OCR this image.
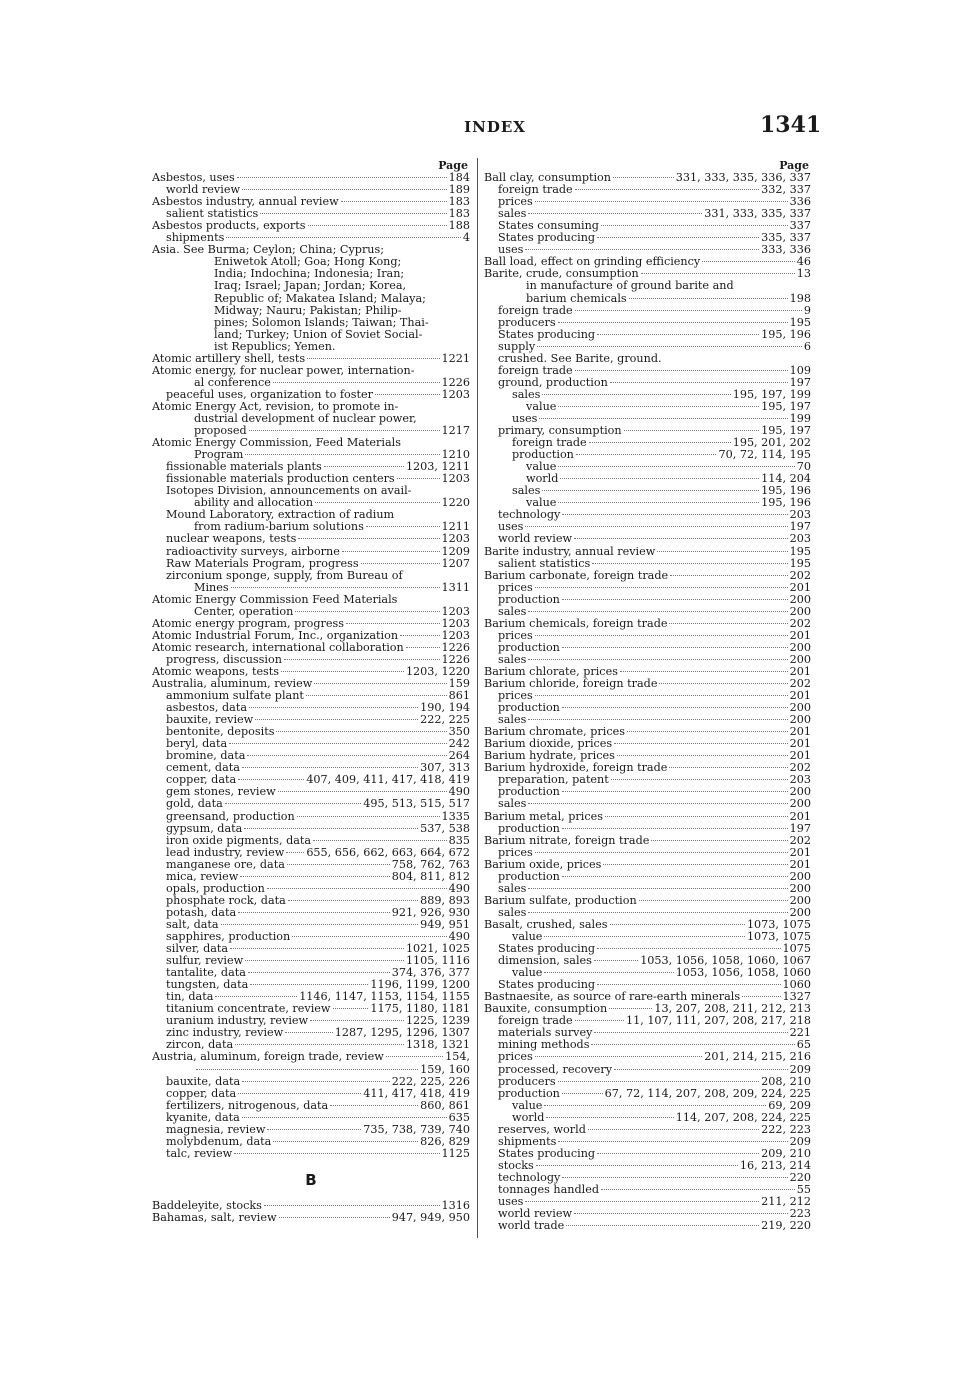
INDEX	1341
Page
Asbestos, uses	184
world review	189
Asbestos industry, annual review	183
salient statistics	183
Asbestos products, exports	188
shipments	4
Asia. See Burma; Ceylon; China; Cyprus;
Eniwetok Atoll; Goa; Hong Kong;
India; Indochina; Indonesia; Iran;
Iraq; Israel; Japan; Jordan; Korea,
Republic of; Makatea Island; Malaya;
Midway; Nauru; Pakistan; Philip-
pines; Solomon Islands; Taiwan; Thai-
land; Turkey; Union of Soviet Social-
ist Republics; Yemen.
Atomic artillery shell, tests	1221
Atomic energy, for nuclear power, internation-
al conference	1226
peaceful uses, organization to foster	1203
Atomic Energy Act, revision, to promote in-
dustrial development of nuclear power,
proposed	1217
Atomic Energy Commission, Feed Materials
Program	1210
fissionable materials plants	1203, 1211
fissionable materials production centers	1203
Isotopes Division, announcements on avail-
ability and allocation	1220
Mound Laboratory, extraction of radium
from radium-barium solutions	1211
nuclear weapons, tests	1203
radioactivity surveys, airborne	1209
Raw Materials Program, progress	1207
zirconium sponge, supply, from Bureau of
Mines	1311
Atomic Energy Commission Feed Materials
Center, operation	1203
Atomic energy program, progress	1203
Atomic Industrial Forum, Inc., organization	1203
Atomic research, international collaboration	1226
progress, discussion	1226
Atomic weapons, tests	1203, 1220
Australia, aluminum, review	159
ammonium sulfate plant	861
asbestos, data	190, 194
bauxite, review	222, 225
bentonite, deposits	350
beryl, data	242
bromine, data	264
cement, data	307, 313
copper, data	407, 409, 411, 417, 418, 419
gem stones, review	490
gold, data	495, 513, 515, 517
greensand, production	1335
gypsum, data	537, 538
iron oxide pigments, data	835
lead industry, review 655, 656, 662, 663, 664, 672
manganese ore, data	758, 762, 763
mica, review	804, 811, 812
opals, production	490
phosphate rock, data	889, 893
potash, data	921, 926, 930
salt, data	949, 951
sapphires, production	490
silver, data	1021, 1025
sulfur, review	1105, 1116
tantalite, data	374, 376, 377
tungsten, data	1196, 1199, 1200
tin, data	1146, 1147, 1153, 1154, 1155
titanium concentrate, review	1175, 1180, 1181
uranium industry, review	1225, 1239
zinc industry, review	1287, 1295, 1296, 1307
zircon, data	1318, 1321
Austria, aluminum, foreign trade, review	154,
159, 160
bauxite, data	222, 225, 226
copper, data	411, 417, 418, 419
fertilizers, nitrogenous, data	860, 861
kyanite, data	635
magnesia, review	735, 738, 739, 740
molybdenum, data	826, 829
talc, review	1125
B
Baddeleyite, stocks	1316
Bahamas, salt, review	947, 949, 950
Page
Ball clay, consumption	331, 333, 335, 336, 337
foreign trade	332, 337
prices	336
sales	331, 333, 335, 337
States consuming	337
States producing	335, 337
uses	333, 336
Ball load, effect on grinding efficiency	46
Barite, crude, consumption	13
in manufacture of ground barite and
barium chemicals	198
foreign trade	9
producers	195
States producing	195, 196
supply	6
crushed. See Barite, ground.
foreign trade	109
ground, production	197
sales	195, 197, 199
value	195, 197
uses	199
primary, consumption	195, 197
foreign trade	195, 201, 202
production	70, 72, 114, 195
value	70
world	114, 204
sales	195, 196
value	195, 196
technology	203
uses	197
world review	203
Barite industry, annual review	195
salient statistics	195
Barium carbonate, foreign trade	202
prices	201
production	200
sales	200
Barium chemicals, foreign trade	202
prices	201
production	200
sales	200
Barium chlorate, prices	201
Barium chloride, foreign trade	202
prices	201
production	200
sales	200
Barium chromate, prices	201
Barium dioxide, prices	201
Barium hydrate, prices	201
Barium hydroxide, foreign trade	202
preparation, patent	203
production	200
sales	200
Barium metal, prices	201
production	197
Barium nitrate, foreign trade	202
prices	201
Barium oxide, prices	201
production	200
sales	200
Barium sulfate, production	200
sales	200
Basalt, crushed, sales	1073, 1075
value	1073, 1075
States producing	1075
dimension, sales	1053, 1056, 1058, 1060, 1067
value	1053, 1056, 1058, 1060
States producing	1060
Bastnaesite, as source of rare-earth minerals	1327
Bauxite, consumption	13, 207, 208, 211, 212, 213
foreign trade	11, 107, 111, 207, 208, 217, 218
materials survey	221
mining methods	65
prices	201, 214, 215, 216
processed, recovery	209
producers	208, 210
production	67, 72, 114, 207, 208, 209, 224, 225
value	69, 209
world	114, 207, 208, 224, 225
reserves, world	222, 223
shipments	209
States producing	209, 210
stocks	16, 213, 214
technology	220
tonnages handled	55
uses	211, 212
world review	223
world trade	219, 220
